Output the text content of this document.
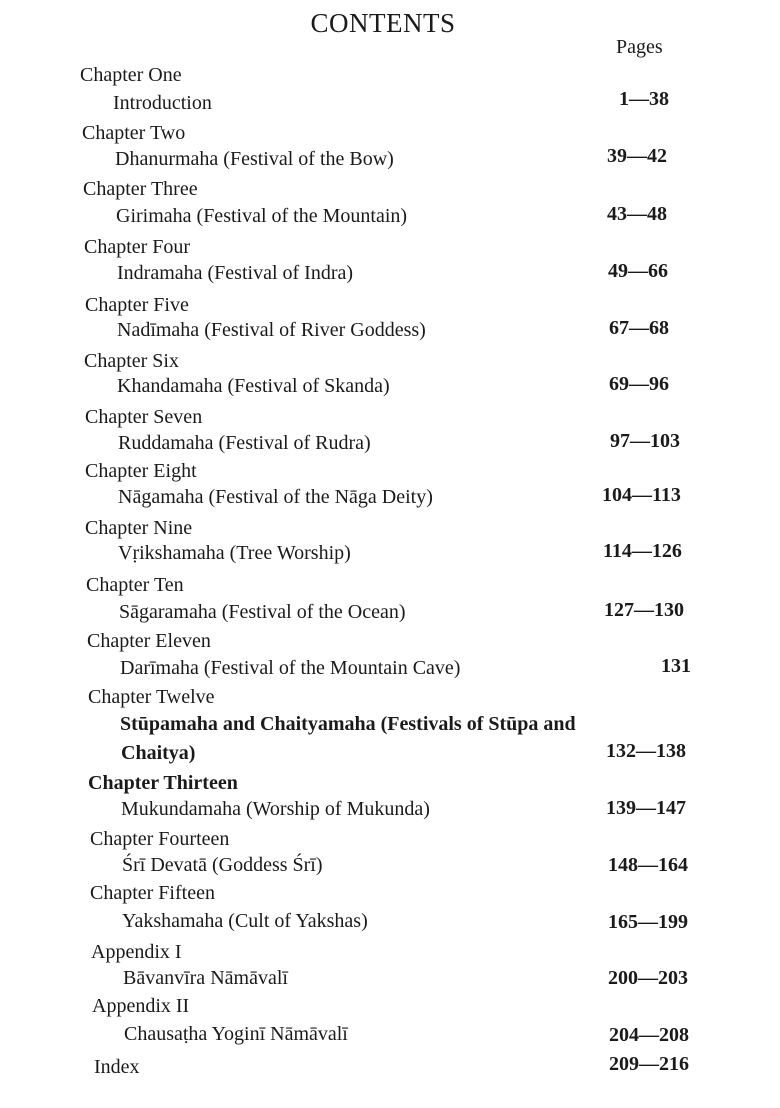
CONTENTS
Pages
Chapter One
Introduction	1—38
Chapter Two
Dhanurmaha (Festival of the Bow)	39—42
Chapter Three
Girimaha (Festival of the Mountain)	43—48
Chapter Four
Indramaha (Festival of Indra)	49—66
Chapter Five
Nadīmaha (Festival of River Goddess)	67—68
Chapter Six
Khandamaha (Festival of Skanda)	69—96
Chapter Seven
Ruddamaha (Festival of Rudra)	97—103
Chapter Eight
Nāgamaha (Festival of the Nāga Deity)	104—113
Chapter Nine
Vṛikshamaha (Tree Worship)	114—126
Chapter Ten
Sāgaramaha (Festival of the Ocean)	127—130
Chapter Eleven
Darīmaha (Festival of the Mountain Cave)	131
Chapter Twelve
Stūpamaha and Chaityamaha (Festivals of Stūpa and
Chaitya)	132—138
Chapter Thirteen
Mukundamaha (Worship of Mukunda)	139—147
Chapter Fourteen
Śrī Devatā (Goddess Śrī)	148—164
Chapter Fifteen
Yakshamaha (Cult of Yakshas)	165—199
Appendix I
Bāvanvīra Nāmāvalī	200—203
Appendix II
Chausaṭha Yoginī Nāmāvalī	204—208
Index	209—216
